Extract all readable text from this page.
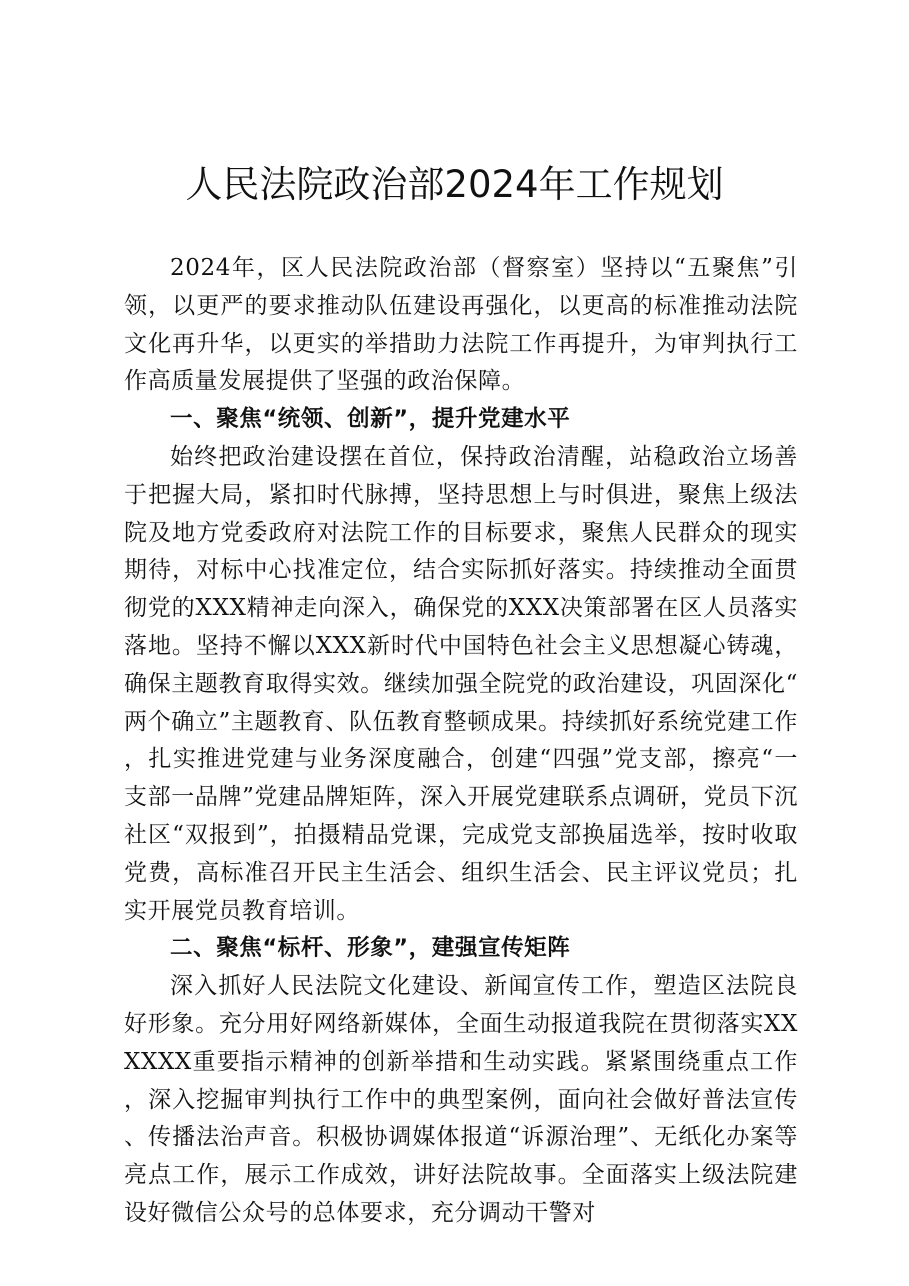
人民法院政治部2024年工作规划

2024年，区人民法院政治部（督察室）坚持以“五聚焦”引领，以更严的要求推动队伍建设再强化，以更高的标准推动法院文化再升华，以更实的举措助力法院工作再提升，为审判执行工作高质量发展提供了坚强的政治保障。

一、聚焦“统领、创新”，提升党建水平

始终把政治建设摆在首位，保持政治清醒，站稳政治立场善于把握大局，紧扣时代脉搏，坚持思想上与时俱进，聚焦上级法院及地方党委政府对法院工作的目标要求，聚焦人民群众的现实期待，对标中心找准定位，结合实际抓好落实。持续推动全面贯彻党的XXX精神走向深入，确保党的XXX决策部署在区人员落实落地。坚持不懈以XXX新时代中国特色社会主义思想凝心铸魂，确保主题教育取得实效。继续加强全院党的政治建设，巩固深化“两个确立”主题教育、队伍教育整顿成果。持续抓好系统党建工作，扎实推进党建与业务深度融合，创建“四强”党支部，擦亮“一支部一品牌”党建品牌矩阵，深入开展党建联系点调研，党员下沉社区“双报到”，拍摄精品党课，完成党支部换届选举，按时收取党费，高标准召开民主生活会、组织生活会、民主评议党员；扎实开展党员教育培训。

二、聚焦“标杆、形象”，建强宣传矩阵

深入抓好人民法院文化建设、新闻宣传工作，塑造区法院良好形象。充分用好网络新媒体，全面生动报道我院在贯彻落实XXXXXX重要指示精神的创新举措和生动实践。紧紧围绕重点工作，深入挖掘审判执行工作中的典型案例，面向社会做好普法宣传、传播法治声音。积极协调媒体报道“诉源治理”、无纸化办案等亮点工作，展示工作成效，讲好法院故事。全面落实上级法院建设好微信公众号的总体要求，充分调动干警对
